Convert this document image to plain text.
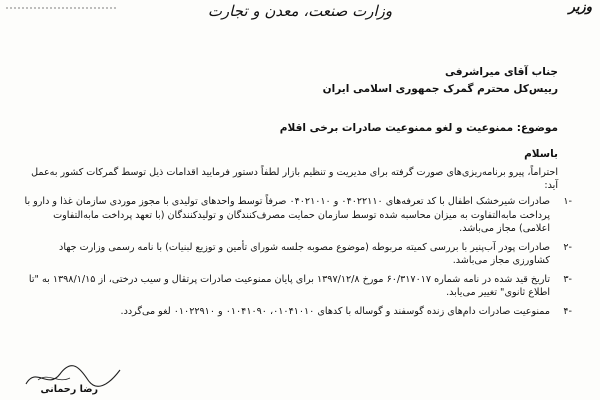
وزیر
وزارت صنعت، معدن و تجارت
جناب آقای میراشرفی
رییس‌کل محترم گمرک جمهوری اسلامی ایران
موضوع: ممنوعیت و لغو ممنوعیت صادرات برخی اقلام
باسلام
احتراماً، پیرو برنامه‌ریزی‌های صورت گرفته برای مدیریت و تنظیم بازار لطفاً دستور فرمایید اقدامات ذیل توسط گمرکات کشور به‌عمل آید:
۱-
صادرات شیرخشک اطفال با کد تعرفه‌های ۰۴۰۲۲۱۱۰ و ۰۴۰۲۱۰۱۰ صرفاً توسط واحدهای تولیدی با مجوز موردی سازمان غذا و دارو با پرداخت مابه‌التفاوت به میزان محاسبه شده توسط سازمان حمایت مصرف‌کنندگان و تولیدکنندگان (با تعهد پرداخت مابه‌التفاوت اعلامی) مجاز می‌باشد.
۲-
صادرات پودر آب‌پنیر با بررسی کمیته مربوطه (موضوع مصوبه جلسه شورای تأمین و توزیع لبنیات) با نامه رسمی وزارت جهاد کشاورزی مجاز می‌باشد.
۳-
تاریخ قید شده در نامه شماره ۶۰/۳۱۷۰۱۷ مورخ ۱۳۹۷/۱۲/۸ برای پایان ممنوعیت صادرات پرتقال و سیب درختی، از ۱۳۹۸/۱/۱۵ به "تا اطلاع ثانوی" تغییر می‌یابد.
۴-
ممنوعیت صادرات دام‌های زنده گوسفند و گوساله با کدهای ۰۱۰۴۱۰۱۰، ۰۱۰۴۱۰۹۰ و ۰۱۰۲۲۹۱۰ لغو می‌گردد.
رضا رحمانی
